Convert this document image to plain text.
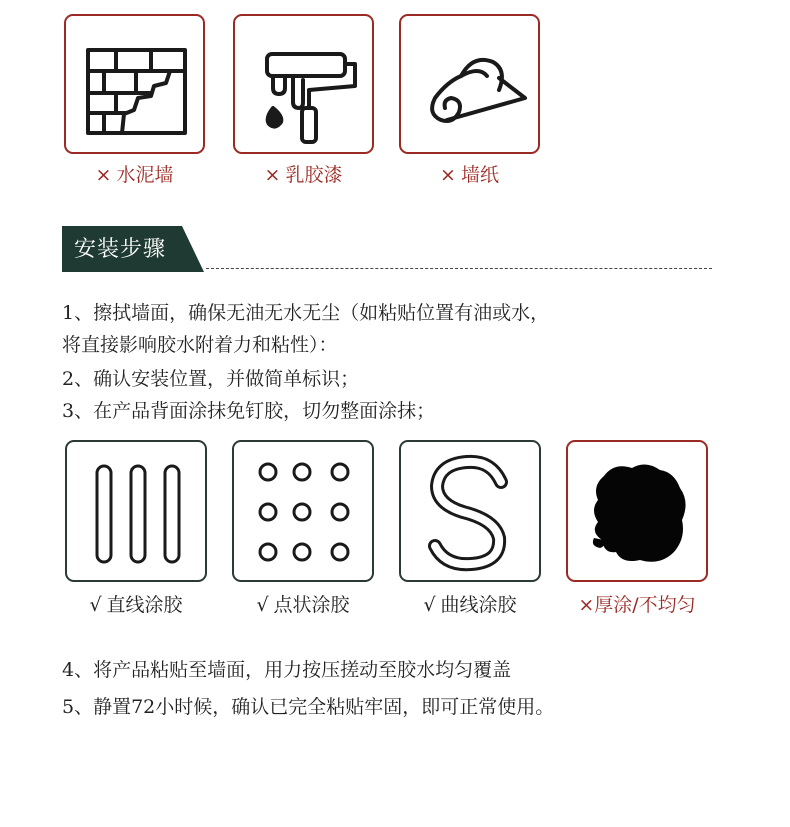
× 水泥墙	× 乳胶漆	× 墙纸
安装步骤
1、擦拭墙面，确保无油无水无尘（如粘贴位置有油或水，
将直接影响胶水附着力和粘性）：
2、确认安装位置，并做简单标识；
3、在产品背面涂抹免钉胶，切勿整面涂抹；
√ 直线涂胶	√ 点状涂胶	√ 曲线涂胶	×厚涂/不均匀
4、将产品粘贴至墙面，用力按压搓动至胶水均匀覆盖
5、静置72小时候，确认已完全粘贴牢固，即可正常使用。
